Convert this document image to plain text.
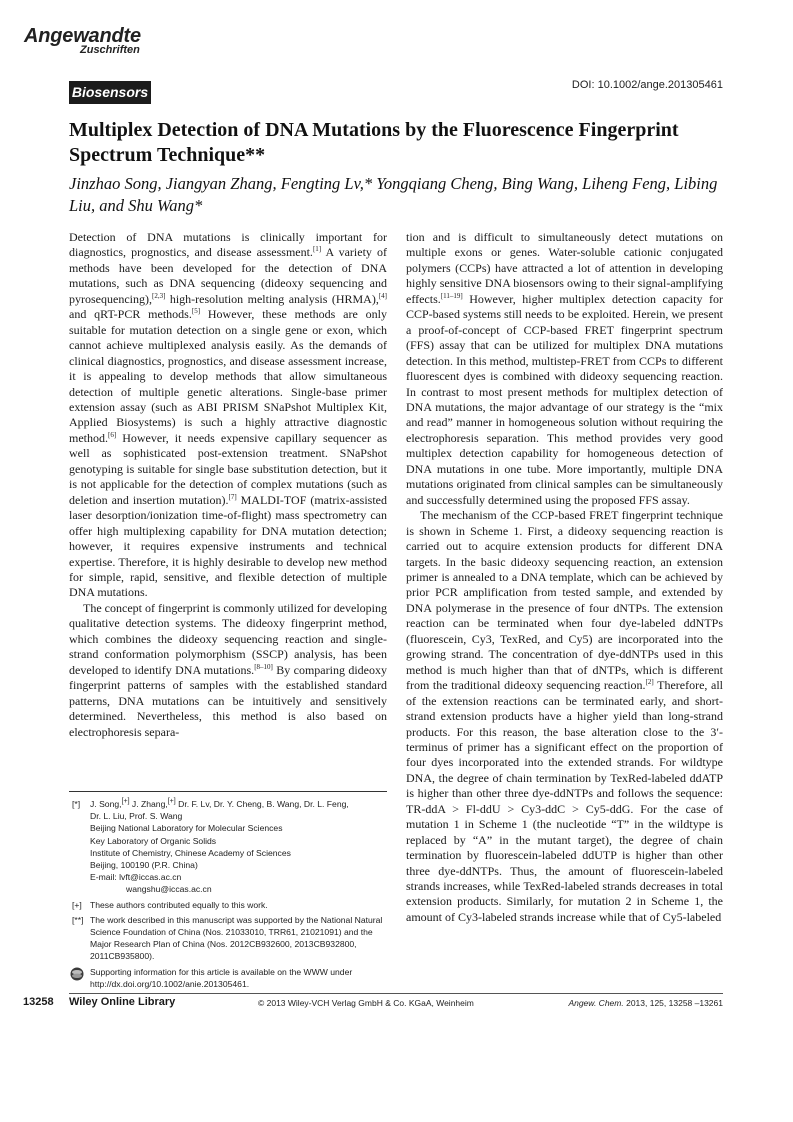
Angewandte
Zuschriften
Biosensors	DOI: 10.1002/ange.201305461
Multiplex Detection of DNA Mutations by the Fluorescence Fingerprint Spectrum Technique**
Jinzhao Song, Jiangyan Zhang, Fengting Lv,* Yongqiang Cheng, Bing Wang, Liheng Feng, Libing Liu, and Shu Wang*

Detection of DNA mutations is clinically important for diagnostics, prognostics, and disease assessment.[1] A variety of methods have been developed for the detection of DNA mutations, such as DNA sequencing (dideoxy sequencing and pyrosequencing),[2,3] high-resolution melting analysis (HRMA),[4] and qRT-PCR methods.[5] However, these methods are only suitable for mutation detection on a single gene or exon, which cannot achieve multiplexed analysis easily. As the demands of clinical diagnostics, prognostics, and disease assessment increase, it is appealing to develop methods that allow simultaneous detection of multiple genetic alterations. Single-base primer extension assay (such as ABI PRISM SNaPshot Multiplex Kit, Applied Biosystems) is such a highly attractive diagnostic method.[6] However, it needs expensive capillary sequencer as well as sophisticated post-extension treatment. SNaPshot genotyping is suitable for single base substitution detection, but it is not applicable for the detection of complex mutations (such as deletion and insertion mutation).[7] MALDI-TOF (matrix-assisted laser desorption/ionization time-of-flight) mass spectrometry can offer high multiplexing capability for DNA mutation detection; however, it requires expensive instruments and technical expertise. Therefore, it is highly desirable to develop new method for simple, rapid, sensitive, and flexible detection of multiple DNA mutations.

The concept of fingerprint is commonly utilized for developing qualitative detection systems. The dideoxy fingerprint method, which combines the dideoxy sequencing reaction and single-strand conformation polymorphism (SSCP) analysis, has been developed to identify DNA mutations.[8–10] By comparing dideoxy fingerprint patterns of samples with the established standard patterns, DNA mutations can be intuitively and sensitively determined. Nevertheless, this method is also based on electrophoresis separa-

tion and is difficult to simultaneously detect mutations on multiple exons or genes. Water-soluble cationic conjugated polymers (CCPs) have attracted a lot of attention in developing highly sensitive DNA biosensors owing to their signal-amplifying effects.[11–19] However, higher multiplex detection capacity for CCP-based systems still needs to be exploited. Herein, we present a proof-of-concept of CCP-based FRET fingerprint spectrum (FFS) assay that can be utilized for multiplex DNA mutations detection. In this method, multistep-FRET from CCPs to different fluorescent dyes is combined with dideoxy sequencing reaction. In contrast to most present methods for multiplex detection of DNA mutations, the major advantage of our strategy is the “mix and read” manner in homogeneous solution without requiring the electrophoresis separation. This method provides very good multiplex detection capability for homogeneous detection of DNA mutations in one tube. More importantly, multiple DNA mutations originated from clinical samples can be simultaneously and successfully determined using the proposed FFS assay.

The mechanism of the CCP-based FRET fingerprint technique is shown in Scheme 1. First, a dideoxy sequencing reaction is carried out to acquire extension products for different DNA targets. In the basic dideoxy sequencing reaction, an extension primer is annealed to a DNA template, which can be achieved by prior PCR amplification from tested sample, and extended by DNA polymerase in the presence of four dNTPs. The extension reaction can be terminated when four dye-labeled ddNTPs (fluorescein, Cy3, TexRed, and Cy5) are incorporated into the growing strand. The concentration of dye-ddNTPs used in this method is much higher than that of dNTPs, which is different from the traditional dideoxy sequencing reaction.[2] Therefore, all of the extension reactions can be terminated early, and short-strand extension products have a higher yield than long-strand products. For this reason, the base alteration close to the 3′-terminus of primer has a significant effect on the proportion of four dyes incorporated into the extended strands. For wildtype DNA, the degree of chain termination by TexRed-labeled ddATP is higher than other three dye-ddNTPs and follows the sequence: TR-ddA > Fl-ddU > Cy3-ddC > Cy5-ddG. For the case of mutation 1 in Scheme 1 (the nucleotide “T” in the wildtype is replaced by “A” in the mutant target), the degree of chain termination by fluorescein-labeled ddUTP is higher than other three dye-ddNTPs. Thus, the amount of fluorescein-labeled strands increases, while TexRed-labeled strands decreases in total extension products. Similarly, for mutation 2 in Scheme 1, the amount of Cy3-labeled strands increase while that of Cy5-labeled

[*] J. Song,[+] J. Zhang,[+] Dr. F. Lv, Dr. Y. Cheng, B. Wang, Dr. L. Feng,
Dr. L. Liu, Prof. S. Wang
Beijing National Laboratory for Molecular Sciences
Key Laboratory of Organic Solids
Institute of Chemistry, Chinese Academy of Sciences
Beijing, 100190 (P.R. China)
E-mail: lvft@iccas.ac.cn
wangshu@iccas.ac.cn
[+] These authors contributed equally to this work.
[**] The work described in this manuscript was supported by the National Natural Science Foundation of China (Nos. 21033010, TRR61, 21021091) and the Major Research Plan of China (Nos. 2012CB932600, 2013CB932800, 2011CB935800).
Supporting information for this article is available on the WWW under http://dx.doi.org/10.1002/anie.201305461.
13258 Wiley Online Library	© 2013 Wiley-VCH Verlag GmbH & Co. KGaA, Weinheim	Angew. Chem. 2013, 125, 13258 –13261
